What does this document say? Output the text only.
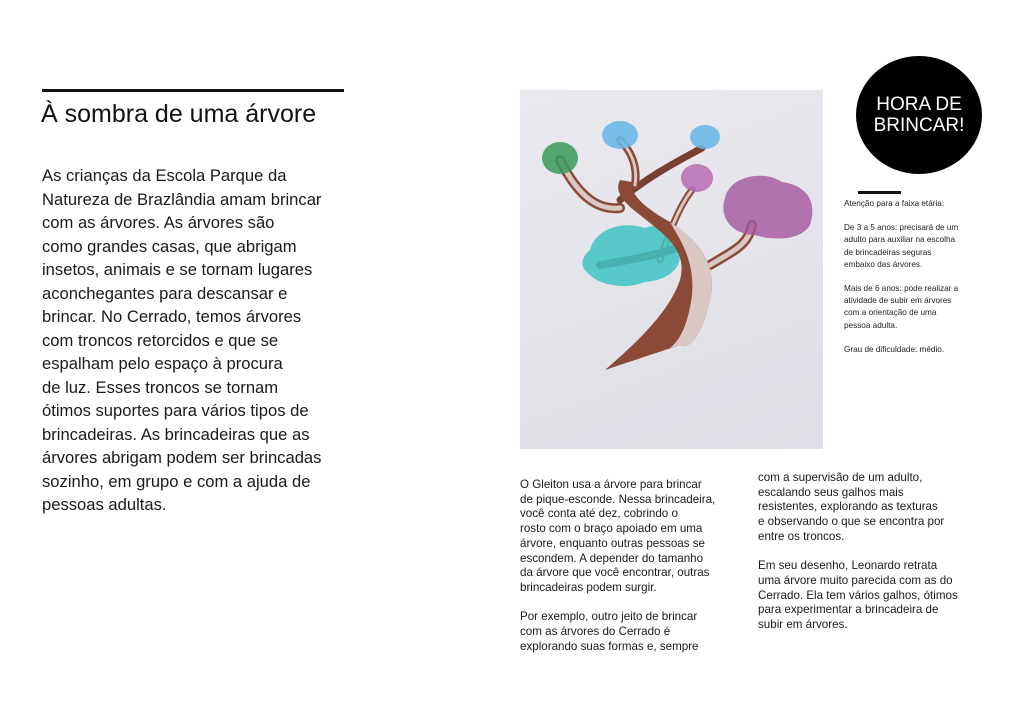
À sombra de uma árvore
As crianças da Escola Parque da
Natureza de Brazlândia amam brincar
com as árvores. As árvores são
como grandes casas, que abrigam
insetos, animais e se tornam lugares
aconchegantes para descansar e
brincar. No Cerrado, temos árvores
com troncos retorcidos e que se
espalham pelo espaço à procura
de luz. Esses troncos se tornam
ótimos suportes para vários tipos de
brincadeiras. As brincadeiras que as
árvores abrigam podem ser brincadas
sozinho, em grupo e com a ajuda de
pessoas adultas.
HORA DE
BRINCAR!

Atenção para a faixa etária:

De 3 a 5 anos: precisará de um
adulto para auxiliar na escolha
de brincadeiras seguras
embaixo das árvores.

Mais de 6 anos: pode realizar a
atividade de subir em árvores
com a orientação de uma
pessoa adulta.

Grau de dificuldade: médio.

O Gleiton usa a árvore para brincar
de pique-esconde. Nessa brincadeira,
você conta até dez, cobrindo o
rosto com o braço apoiado em uma
árvore, enquanto outras pessoas se
escondem. A depender do tamanho
da árvore que você encontrar, outras
brincadeiras podem surgir.

Por exemplo, outro jeito de brincar
com as árvores do Cerrado é
explorando suas formas e, sempre

com a supervisão de um adulto,
escalando seus galhos mais
resistentes, explorando as texturas
e observando o que se encontra por
entre os troncos.

Em seu desenho, Leonardo retrata
uma árvore muito parecida com as do
Cerrado. Ela tem vários galhos, ótimos
para experimentar a brincadeira de
subir em árvores.
